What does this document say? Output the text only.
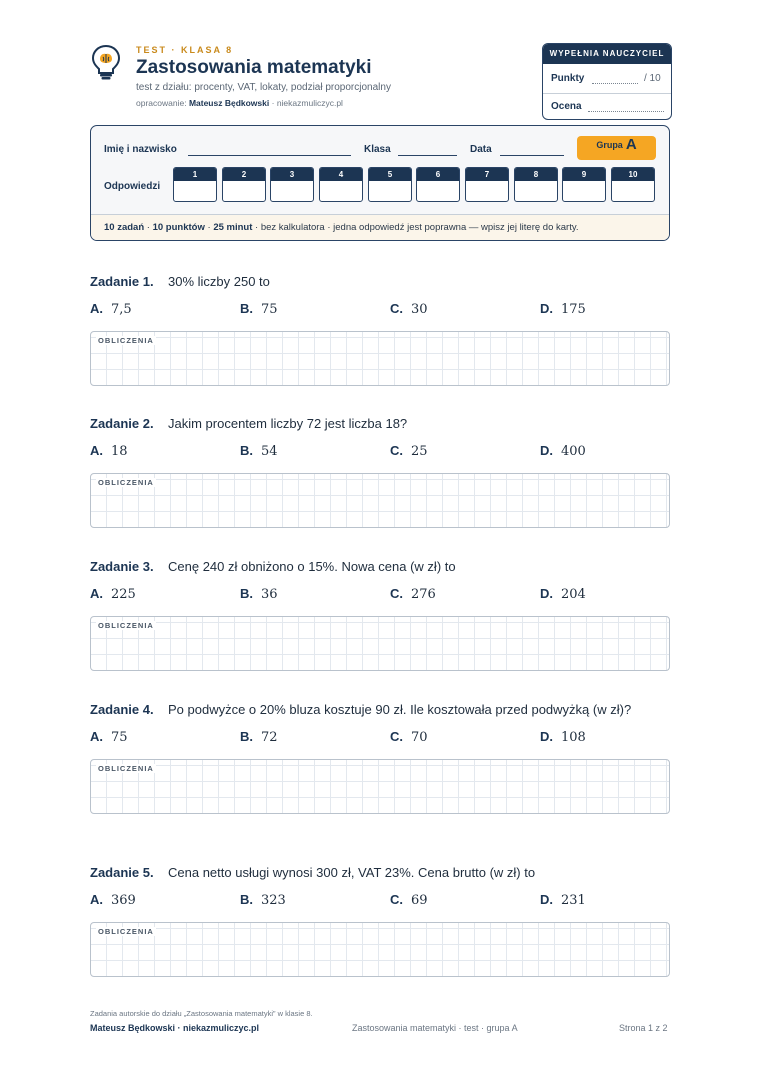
TEST · KLASA 8
Zastosowania matematyki
test z działu: procenty, VAT, lokaty, podział proporcjonalny
opracowanie: Mateusz Będkowski · niekazmuliczyc.pl
WYPEŁNIA NAUCZYCIEL
Punkty	/ 10
Ocena
Imię i nazwisko	Klasa	Data	Grupa A
Odpowiedzi
1	2	3	4	5	6	7	8	9	10
10 zadań · 10 punktów · 25 minut · bez kalkulatora · jedna odpowiedź jest poprawna — wpisz jej literę do karty.
Zadanie 1. 30% liczby 250 to
A. 7,5	B. 75	C. 30	D. 175
OBLICZENIA
Zadanie 2. Jakim procentem liczby 72 jest liczba 18?
A. 18	B. 54	C. 25	D. 400
OBLICZENIA
Zadanie 3. Cenę 240 zł obniżono o 15%. Nowa cena (w zł) to
A. 225	B. 36	C. 276	D. 204
OBLICZENIA
Zadanie 4. Po podwyżce o 20% bluza kosztuje 90 zł. Ile kosztowała przed podwyżką (w zł)?
A. 75	B. 72	C. 70	D. 108
OBLICZENIA
Zadanie 5. Cena netto usługi wynosi 300 zł, VAT 23%. Cena brutto (w zł) to
A. 369	B. 323	C. 69	D. 231
OBLICZENIA
Zadania autorskie do działu „Zastosowania matematyki” w klasie 8.
Mateusz Będkowski · niekazmuliczyc.pl	Zastosowania matematyki · test · grupa A	Strona 1 z 2
